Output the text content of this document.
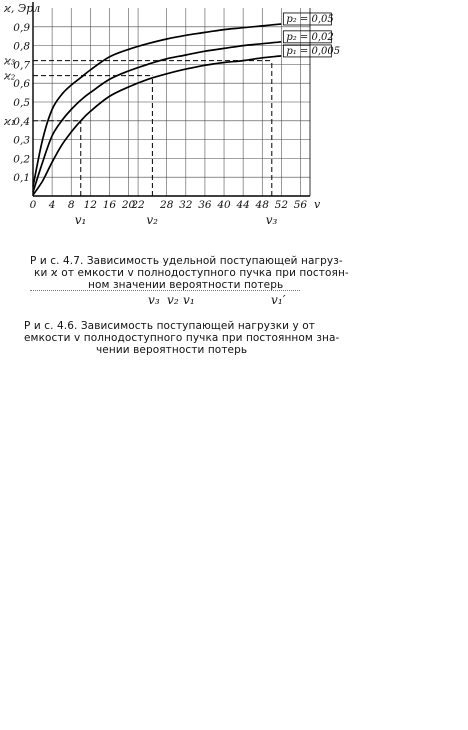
0 4 8 12 16 20
22 28 32 36 40 44 48 52 56
0,1
0,2
0,3
0,4
0,5
0,6
0,7
0,8
0,9
ϰ, Эрл
v
p₂ = 0,05
p₂ = 0,02
p₁ = 0,005
ϰ₃
ϰ₂
ϰ₁
v₁	v₂	v₃
Р и с. 4.7. Зависимость удельной поступающей нагруз-
ки ϰ от емкости v полнодоступного пучка при постоян-
ном значении вероятности потерь
v₃ v₂ v₁	v₁′
Р и с. 4.6. Зависимость поступающей нагрузки y от
емкости v полнодоступного пучка при постоянном зна-
чении вероятности потерь
